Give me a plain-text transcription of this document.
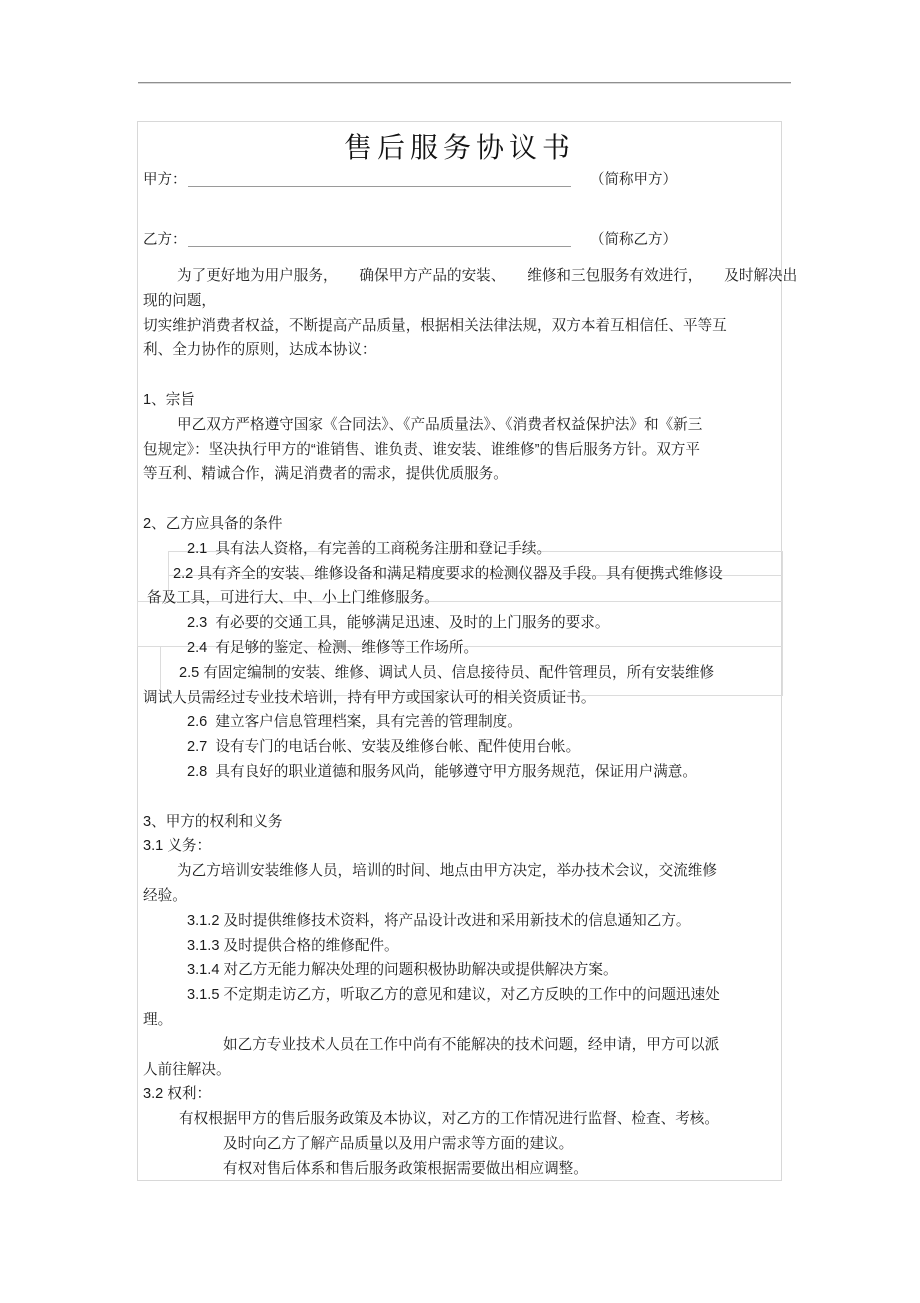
售后服务协议书
甲方：	（简称甲方）
乙方：	（简称乙方）
为了更好地为用户服务，　　确保甲方产品的安装、　　维修和三包服务有效进行，　　及时解决出
现的问题，
切实维护消费者权益，不断提高产品质量，根据相关法律法规，双方本着互相信任、平等互
利、全力协作的原则，达成本协议：
1、宗旨
甲乙双方严格遵守国家《合同法》、《产品质量法》、《消费者权益保护法》和《新三
包规定》：坚决执行甲方的“谁销售、谁负责、谁安装、谁维修”的售后服务方针。双方平
等互利、精诚合作，满足消费者的需求，提供优质服务。
2、乙方应具备的条件
2.1  具有法人资格，有完善的工商税务注册和登记手续。
2.2 具有齐全的安装、维修设备和满足精度要求的检测仪器及手段。具有便携式维修设
备及工具，可进行大、中、小上门维修服务。
2.3  有必要的交通工具，能够满足迅速、及时的上门服务的要求。
2.4  有足够的鉴定、检测、维修等工作场所。
2.5 有固定编制的安装、维修、调试人员、信息接待员、配件管理员，所有安装维修
调试人员需经过专业技术培训，持有甲方或国家认可的相关资质证书。
2.6  建立客户信息管理档案，具有完善的管理制度。
2.7  设有专门的电话台帐、安装及维修台帐、配件使用台帐。
2.8  具有良好的职业道德和服务风尚，能够遵守甲方服务规范，保证用户满意。
3、甲方的权利和义务
3.1 义务：
为乙方培训安装维修人员，培训的时间、地点由甲方决定，举办技术会议，交流维修
经验。
3.1.2 及时提供维修技术资料，将产品设计改进和采用新技术的信息通知乙方。
3.1.3 及时提供合格的维修配件。
3.1.4 对乙方无能力解决处理的问题积极协助解决或提供解决方案。
3.1.5 不定期走访乙方，听取乙方的意见和建议，对乙方反映的工作中的问题迅速处
理。
如乙方专业技术人员在工作中尚有不能解决的技术问题，经申请，甲方可以派
人前往解决。
3.2 权利：
有权根据甲方的售后服务政策及本协议，对乙方的工作情况进行监督、检查、考核。
及时向乙方了解产品质量以及用户需求等方面的建议。
有权对售后体系和售后服务政策根据需要做出相应调整。
